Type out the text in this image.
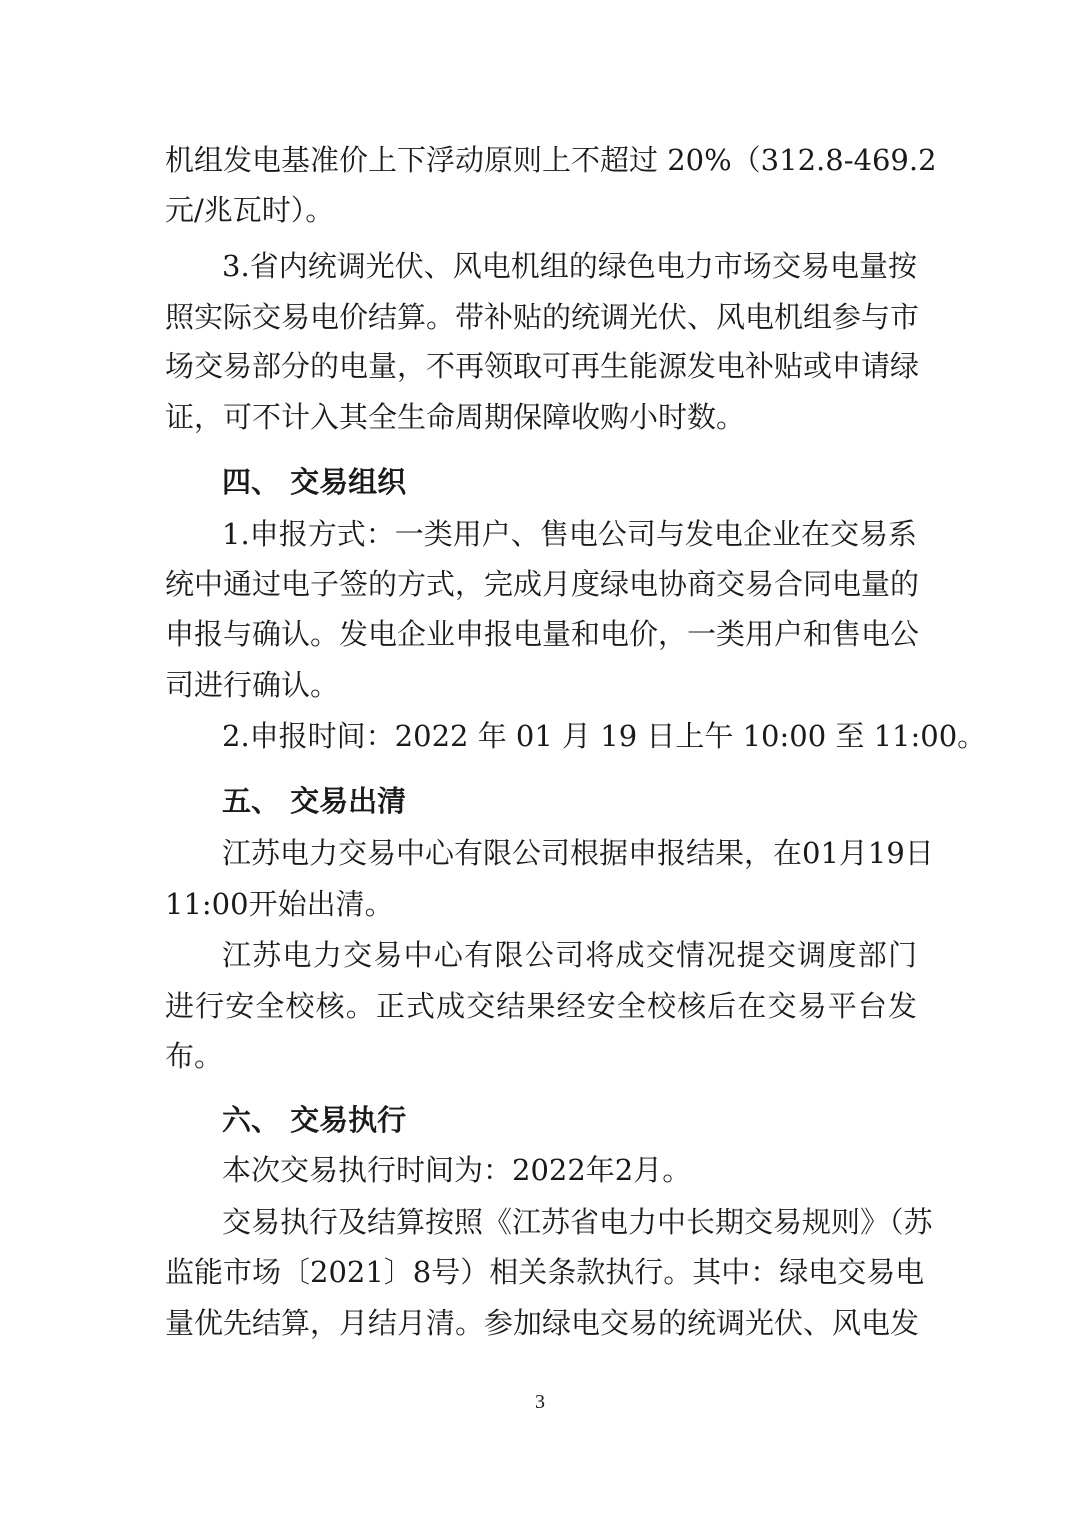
机组发电基准价上下浮动原则上不超过 20%（312.8-469.2
元/兆瓦时）。
3.省内统调光伏、风电机组的绿色电力市场交易电量按
照实际交易电价结算。带补贴的统调光伏、风电机组参与市
场交易部分的电量，不再领取可再生能源发电补贴或申请绿
证，可不计入其全生命周期保障收购小时数。
四、 交易组织
1.申报方式：一类用户、售电公司与发电企业在交易系
统中通过电子签的方式，完成月度绿电协商交易合同电量的
申报与确认。发电企业申报电量和电价，一类用户和售电公
司进行确认。
2.申报时间：2022 年 01 月 19 日上午 10:00 至 11:00。
五、 交易出清
江苏电力交易中心有限公司根据申报结果，在01月19日
11:00开始出清。
江苏电力交易中心有限公司将成交情况提交调度部门
进行安全校核。正式成交结果经安全校核后在交易平台发
布。
六、 交易执行
本次交易执行时间为：2022年2月。
交易执行及结算按照《江苏省电力中长期交易规则》（苏
监能市场〔2021〕8号）相关条款执行。其中：绿电交易电
量优先结算，月结月清。参加绿电交易的统调光伏、风电发
3
